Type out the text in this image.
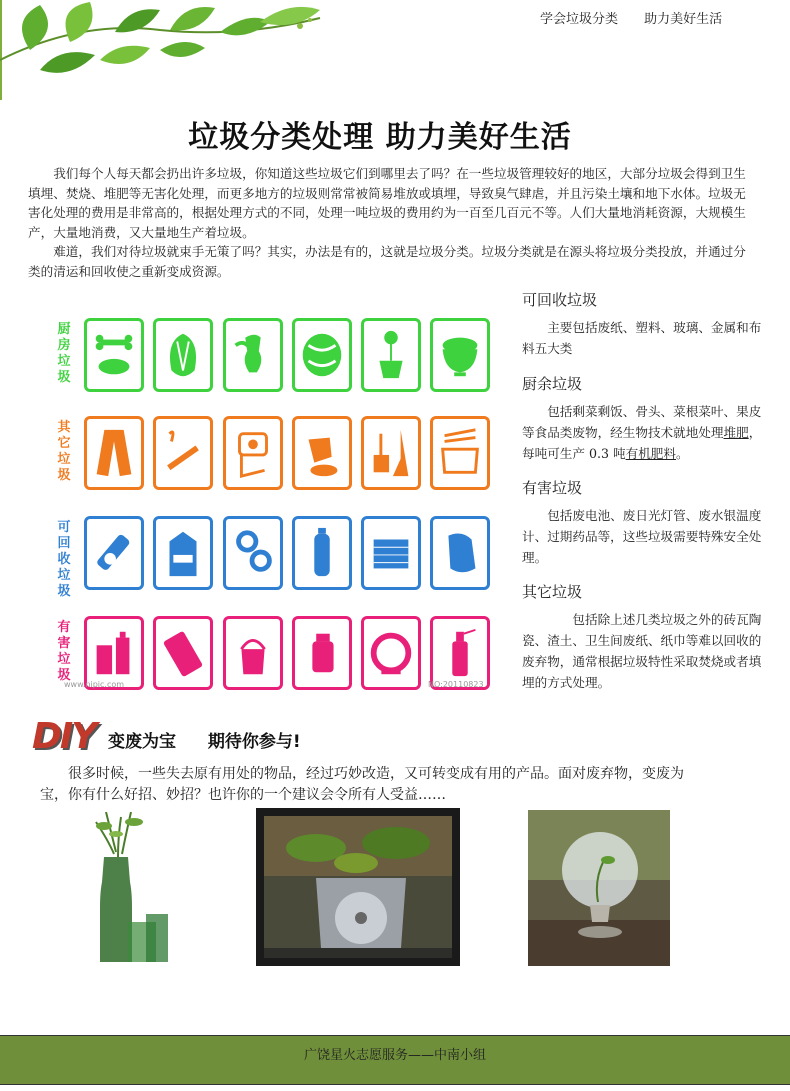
学会垃圾分类 助力美好生活
垃圾分类处理 助力美好生活

我们每个人每天都会扔出许多垃圾，你知道这些垃圾它们到哪里去了吗？在一些垃圾管理较好的地区，大部分垃圾会得到卫生填埋、焚烧、堆肥等无害化处理，而更多地方的垃圾则常常被简易堆放或填埋，导致臭气肆虐，并且污染土壤和地下水体。垃圾无害化处理的费用是非常高的，根据处理方式的不同，处理一吨垃圾的费用约为一百至几百元不等。人们大量地消耗资源，大规模生产，大量地消费，又大量地生产着垃圾。

难道，我们对待垃圾就束手无策了吗？其实，办法是有的，这就是垃圾分类。垃圾分类就是在源头将垃圾分类投放，并通过分类的清运和回收使之重新变成资源。

厨
房
垃
圾
其
它
垃
圾
可
回
收
垃
圾
有
害
垃
圾
www.nipic.com	NO:20110823
可回收垃圾

主要包括废纸、塑料、玻璃、金属和布料五大类

厨余垃圾

包括剩菜剩饭、骨头、菜根菜叶、果皮等食品类废物，经生物技术就地处理堆肥，每吨可生产 0.3 吨有机肥料。

有害垃圾

包括废电池、废日光灯管、废水银温度计、过期药品等，这些垃圾需要特殊安全处理。

其它垃圾

包括除上述几类垃圾之外的砖瓦陶瓷、渣土、卫生间废纸、纸巾等难以回收的废弃物，通常根据垃圾特性采取焚烧或者填埋的方式处理。

DIY 变废为宝 期待你参与!

很多时候，一些失去原有用处的物品，经过巧妙改造，又可转变成有用的产品。面对废弃物，变废为宝，你有什么好招、妙招？也许你的一个建议会令所有人受益……

广饶星火志愿服务——中南小组
